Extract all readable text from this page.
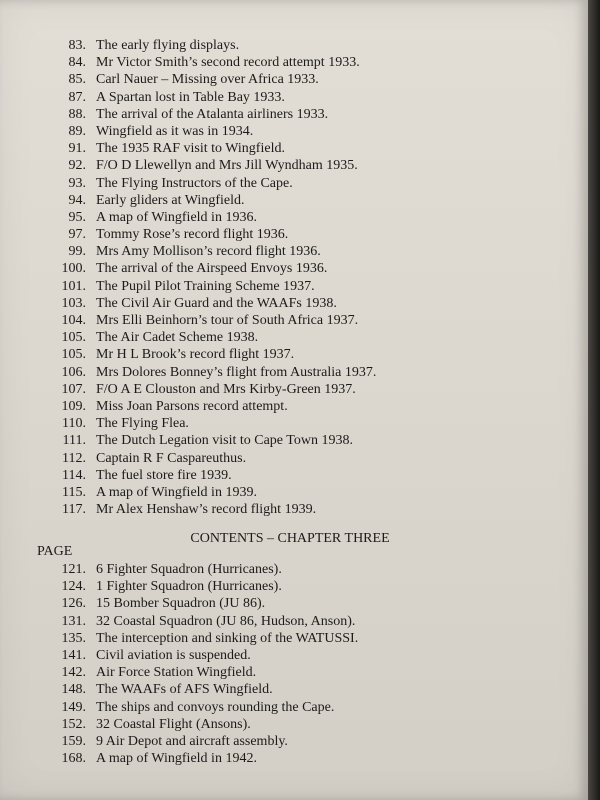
83. The early flying displays.
84. Mr Victor Smith’s second record attempt 1933.
85. Carl Nauer – Missing over Africa 1933.
87. A Spartan lost in Table Bay 1933.
88. The arrival of the Atalanta airliners 1933.
89. Wingfield as it was in 1934.
91. The 1935 RAF visit to Wingfield.
92. F/O D Llewellyn and Mrs Jill Wyndham 1935.
93. The Flying Instructors of the Cape.
94. Early gliders at Wingfield.
95. A map of Wingfield in 1936.
97. Tommy Rose’s record flight 1936.
99. Mrs Amy Mollison’s record flight 1936.
100. The arrival of the Airspeed Envoys 1936.
101. The Pupil Pilot Training Scheme 1937.
103. The Civil Air Guard and the WAAFs 1938.
104. Mrs Elli Beinhorn’s tour of South Africa 1937.
105. The Air Cadet Scheme 1938.
105. Mr H L Brook’s record flight 1937.
106. Mrs Dolores Bonney’s flight from Australia 1937.
107. F/O A E Clouston and Mrs Kirby-Green 1937.
109. Miss Joan Parsons record attempt.
110. The Flying Flea.
111. The Dutch Legation visit to Cape Town 1938.
112. Captain R F Caspareuthus.
114. The fuel store fire 1939.
115. A map of Wingfield in 1939.
117. Mr Alex Henshaw’s record flight 1939.
CONTENTS – CHAPTER THREE
PAGE
121. 6 Fighter Squadron (Hurricanes).
124. 1 Fighter Squadron (Hurricanes).
126. 15 Bomber Squadron (JU 86).
131. 32 Coastal Squadron (JU 86, Hudson, Anson).
135. The interception and sinking of the WATUSSI.
141. Civil aviation is suspended.
142. Air Force Station Wingfield.
148. The WAAFs of AFS Wingfield.
149. The ships and convoys rounding the Cape.
152. 32 Coastal Flight (Ansons).
159. 9 Air Depot and aircraft assembly.
168. A map of Wingfield in 1942.
